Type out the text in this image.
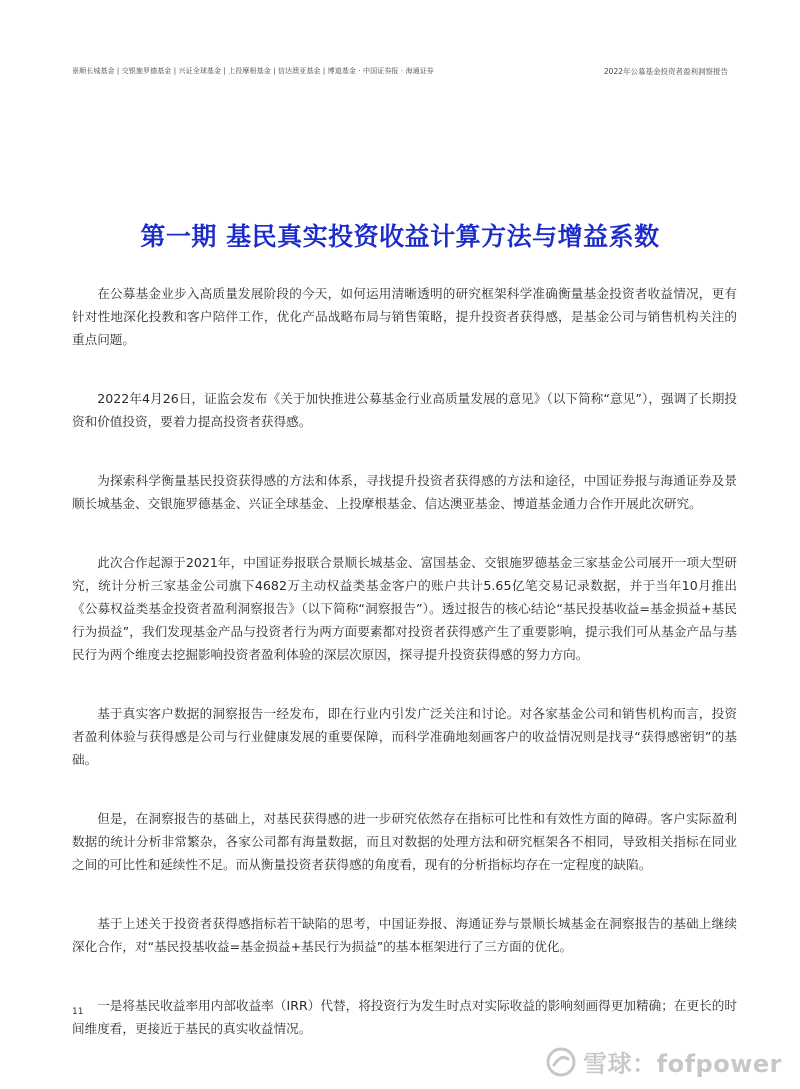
景顺长城基金 | 交银施罗德基金 | 兴证全球基金 | 上投摩根基金 | 信达澳亚基金 | 博道基金 · 中国证券报 · 海通证券	2022年公募基金投资者盈利洞察报告
第一期 基民真实投资收益计算方法与增益系数

在公募基金业步入高质量发展阶段的今天，如何运用清晰透明的研究框架科学准确衡量基金投资者收益情况，更有针对性地深化投教和客户陪伴工作，优化产品战略布局与销售策略，提升投资者获得感，是基金公司与销售机构关注的重点问题。

2022年4月26日，证监会发布《关于加快推进公募基金行业高质量发展的意见》（以下简称“意见”），强调了长期投资和价值投资，要着力提高投资者获得感。

为探索科学衡量基民投资获得感的方法和体系，寻找提升投资者获得感的方法和途径，中国证券报与海通证券及景顺长城基金、交银施罗德基金、兴证全球基金、上投摩根基金、信达澳亚基金、博道基金通力合作开展此次研究。

此次合作起源于2021年，中国证券报联合景顺长城基金、富国基金、交银施罗德基金三家基金公司展开一项大型研究，统计分析三家基金公司旗下4682万主动权益类基金客户的账户共计5.65亿笔交易记录数据，并于当年10月推出《公募权益类基金投资者盈利洞察报告》（以下简称“洞察报告”）。透过报告的核心结论“基民投基收益=基金损益+基民行为损益”，我们发现基金产品与投资者行为两方面要素都对投资者获得感产生了重要影响，提示我们可从基金产品与基民行为两个维度去挖掘影响投资者盈利体验的深层次原因，探寻提升投资获得感的努力方向。

基于真实客户数据的洞察报告一经发布，即在行业内引发广泛关注和讨论。对各家基金公司和销售机构而言，投资者盈利体验与获得感是公司与行业健康发展的重要保障，而科学准确地刻画客户的收益情况则是找寻“获得感密钥”的基础。

但是，在洞察报告的基础上，对基民获得感的进一步研究依然存在指标可比性和有效性方面的障碍。客户实际盈利数据的统计分析非常繁杂，各家公司都有海量数据，而且对数据的处理方法和研究框架各不相同，导致相关指标在同业之间的可比性和延续性不足。而从衡量投资者获得感的角度看，现有的分析指标均存在一定程度的缺陷。

基于上述关于投资者获得感指标若干缺陷的思考，中国证券报、海通证券与景顺长城基金在洞察报告的基础上继续深化合作，对“基民投基收益=基金损益+基民行为损益”的基本框架进行了三方面的优化。

一是将基民收益率用内部收益率（IRR）代替，将投资行为发生时点对实际收益的影响刻画得更加精确；在更长的时间维度看，更接近于基民的真实收益情况。

11
雪球：fofpower
